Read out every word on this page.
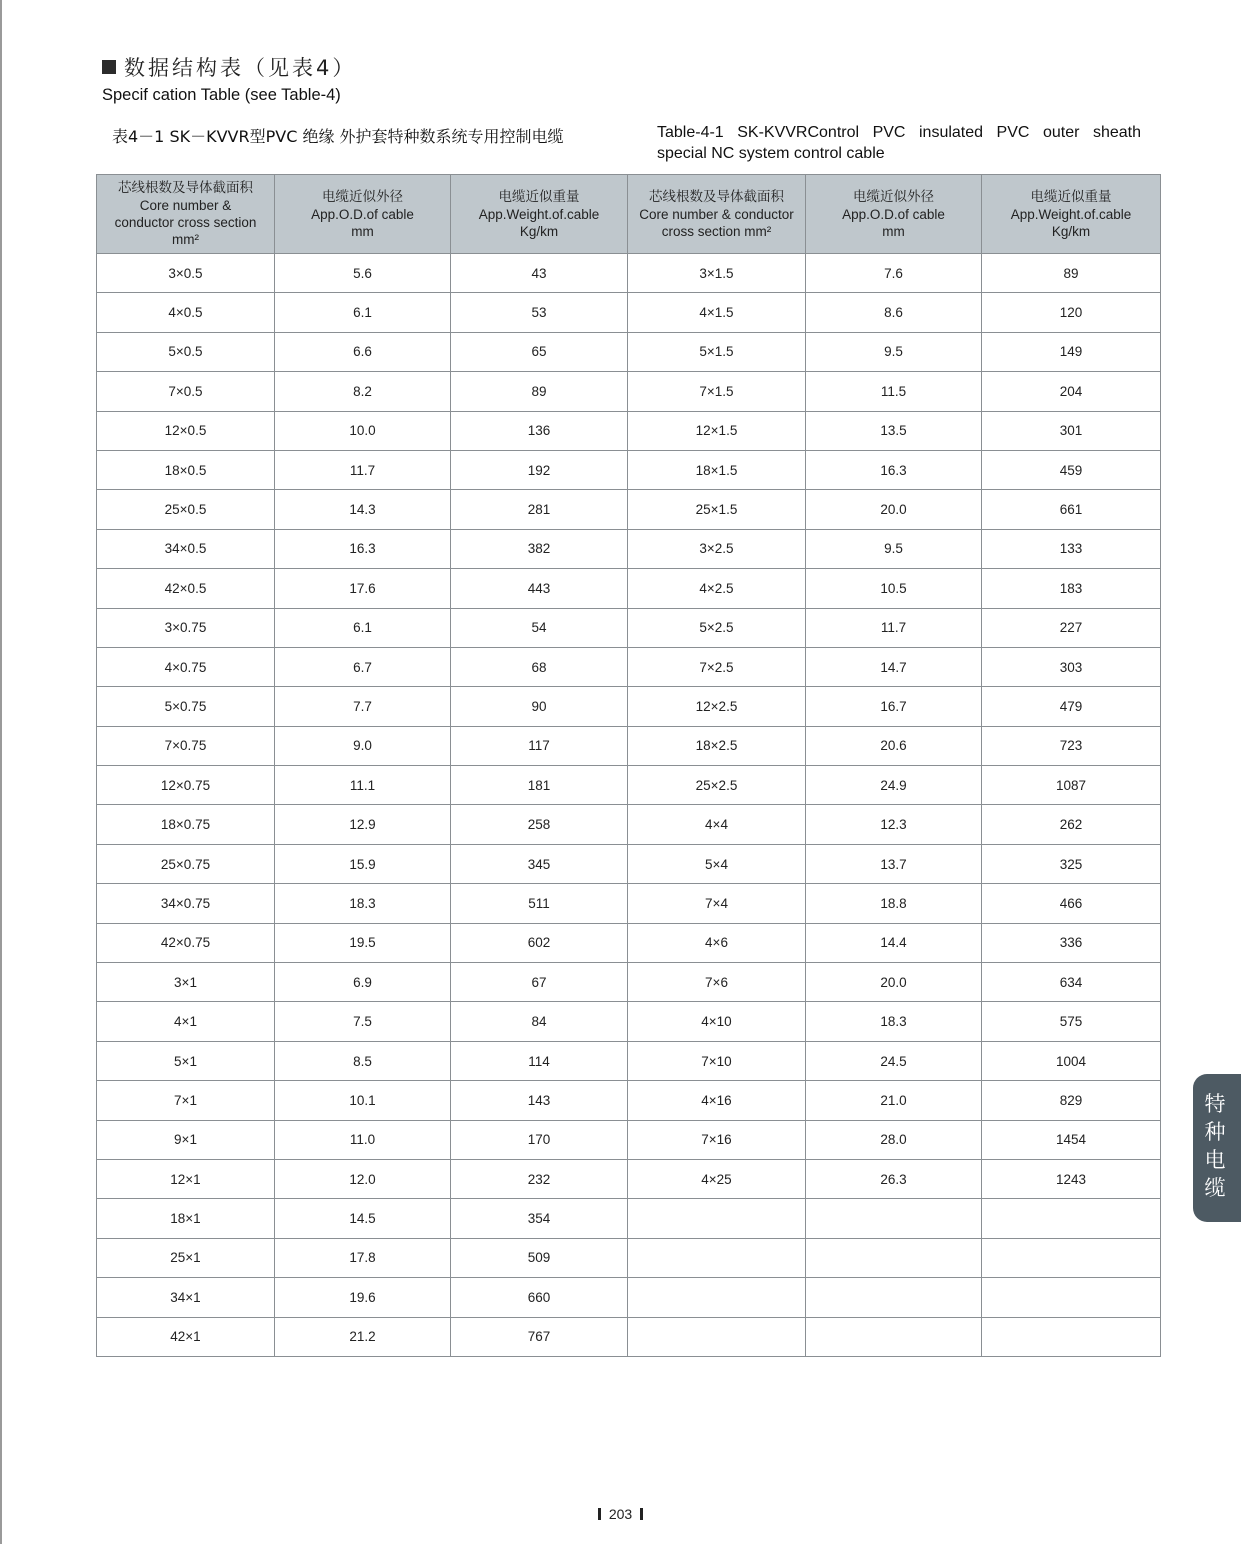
数据结构表（见表4）
Specif cation Table (see Table-4)
表4－1 SK－KVVR型PVC 绝缘 外护套特种数系统专用控制电缆	Table-4-1 SK-KVVRControl PVC insulated PVC outer sheath
special NC system control cable
芯线根数及导体截面积
Core number &
conductor cross section
mm²	电缆近似外径
App.O.D.of cable
mm	电缆近似重量
App.Weight.of.cable
Kg/km	芯线根数及导体截面积
Core number & conductor
cross section mm²	电缆近似外径
App.O.D.of cable
mm	电缆近似重量
App.Weight.of.cable
Kg/km

3×0.5	5.6	43	3×1.5	7.6	89
4×0.5	6.1	53	4×1.5	8.6	120
5×0.5	6.6	65	5×1.5	9.5	149
7×0.5	8.2	89	7×1.5	11.5	204
12×0.5	10.0	136	12×1.5	13.5	301
18×0.5	11.7	192	18×1.5	16.3	459
25×0.5	14.3	281	25×1.5	20.0	661
34×0.5	16.3	382	3×2.5	9.5	133
42×0.5	17.6	443	4×2.5	10.5	183
3×0.75	6.1	54	5×2.5	11.7	227
4×0.75	6.7	68	7×2.5	14.7	303
5×0.75	7.7	90	12×2.5	16.7	479
7×0.75	9.0	117	18×2.5	20.6	723
12×0.75	11.1	181	25×2.5	24.9	1087
18×0.75	12.9	258	4×4	12.3	262
25×0.75	15.9	345	5×4	13.7	325
34×0.75	18.3	511	7×4	18.8	466
42×0.75	19.5	602	4×6	14.4	336
3×1	6.9	67	7×6	20.0	634
4×1	7.5	84	4×10	18.3	575
5×1	8.5	114	7×10	24.5	1004
7×1	10.1	143	4×16	21.0	829
9×1	11.0	170	7×16	28.0	1454
12×1	12.0	232	4×25	26.3	1243
18×1	14.5	354			
25×1	17.8	509			
34×1	19.6	660			
42×1	21.2	767			
特
种
电
缆
203
